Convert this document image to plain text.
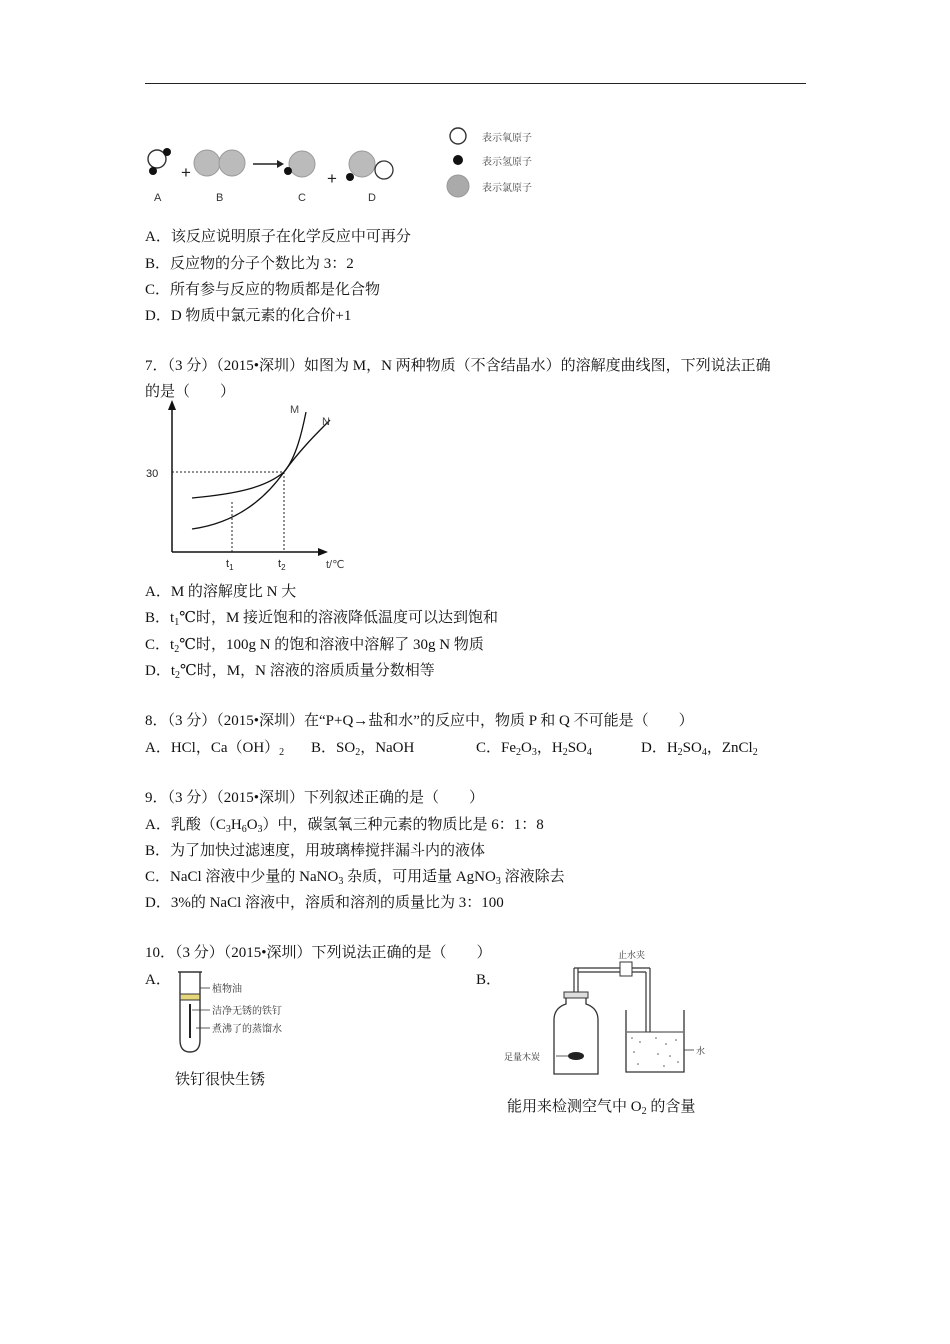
+	+
A	B	C	D
表示氧原子
表示氢原子
表示氯原子
A．该反应说明原子在化学反应中可再分
B．反应物的分子个数比为 3：2
C．所有参与反应的物质都是化合物
D．D 物质中氯元素的化合价+1
7．（3 分）（2015•深圳）如图为 M，N 两种物质（不含结晶水）的溶解度曲线图，下列说法正确
的是（　　）
30
M
N
$t_1$	$t_2$	t/℃
A．M 的溶解度比 N 大
B．$t_1℃$时，M 接近饱和的溶液降低温度可以达到饱和
C．$t_2℃$时，100g N 的饱和溶液中溶解了 30g N 物质
D．$t_2℃$时，M，N 溶液的溶质质量分数相等
8．（3 分）（2015•深圳）在“P+Q→盐和水”的反应中，物质 P 和 Q 不可能是（　　）
A．HCl，$Ca(OH)_2$ B．$SO_2$，NaOH	C．$Fe_2O_3$，$H_2SO_4$	D．$H_2SO_4$，ZnCl$_2$
9．（3 分）（2015•深圳）下列叙述正确的是（　　）
A．乳酸$(C_3H_6O_3)$中，碳氢氧三种元素的物质比是 6：1：8
B．为了加快过滤速度，用玻璃棒搅拌漏斗内的液体
C．NaCl 溶液中少量的 NaNO$_3$ 杂质，可用适量 AgNO$_3$ 溶液除去
D．3%的 NaCl 溶液中，溶质和溶剂的质量比为 3：100
10．（3 分）（2015•深圳）下列说法正确的是（　　）
A．	B．
植物油
洁净无锈的铁钉
煮沸了的蒸馏水
铁钉很快生锈
止水夹
足量木炭
水
能用来检测空气中 $O_2$ 的含量
